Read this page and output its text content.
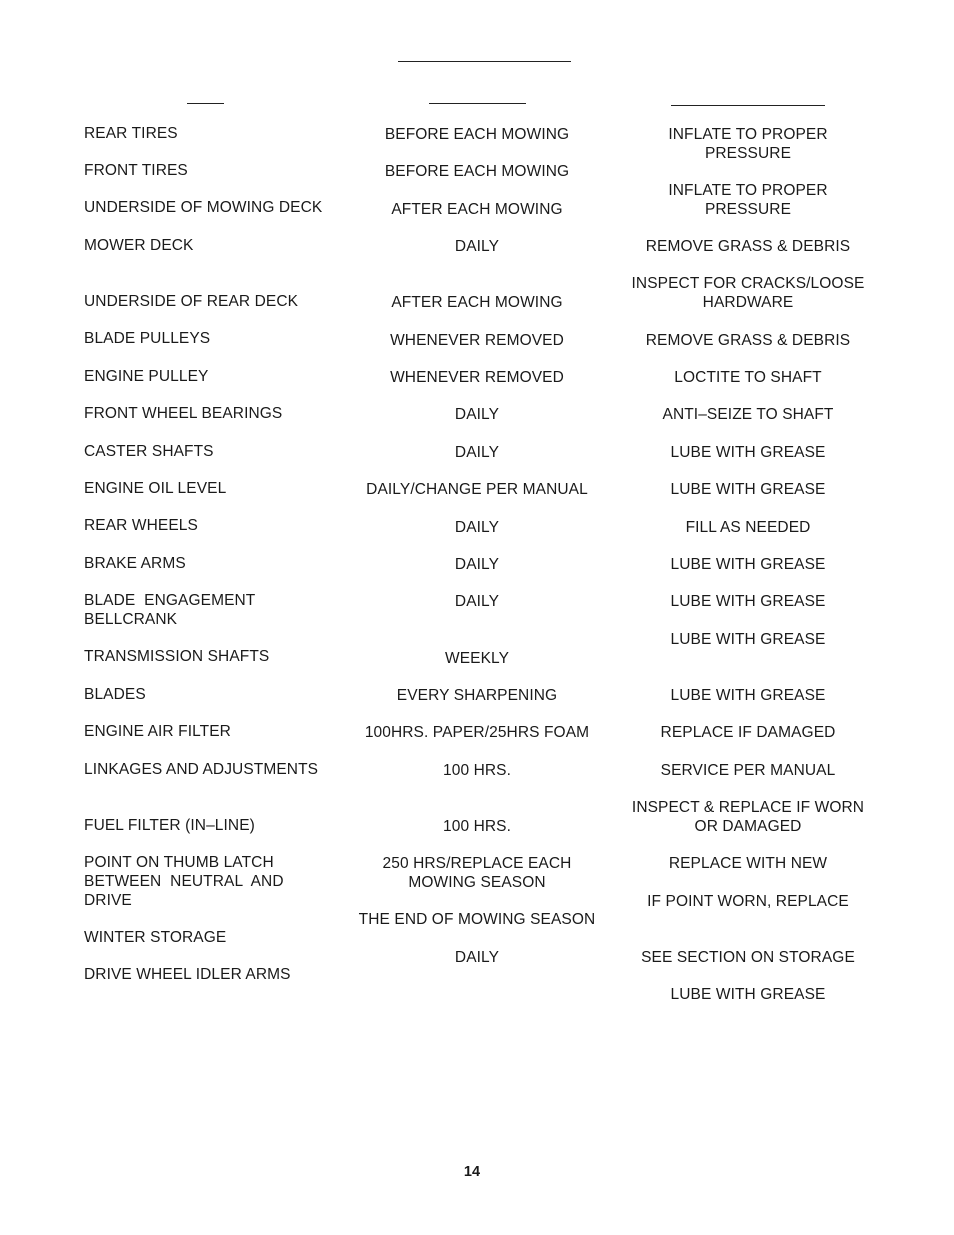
REAR TIRES
FRONT TIRES
UNDERSIDE OF MOWING DECK
MOWER DECK
UNDERSIDE OF REAR DECK
BLADE PULLEYS
ENGINE PULLEY
FRONT WHEEL BEARINGS
CASTER SHAFTS
ENGINE OIL LEVEL
REAR WHEELS
BRAKE ARMS
BLADE  ENGAGEMENT
BELLCRANK
TRANSMISSION SHAFTS
BLADES
ENGINE AIR FILTER
LINKAGES AND ADJUSTMENTS
FUEL FILTER (IN–LINE)
POINT ON THUMB LATCH
BETWEEN  NEUTRAL  AND
DRIVE
WINTER STORAGE
DRIVE WHEEL IDLER ARMS
BEFORE EACH MOWING
BEFORE EACH MOWING
AFTER EACH MOWING
DAILY
AFTER EACH MOWING
WHENEVER REMOVED
WHENEVER REMOVED
DAILY
DAILY
DAILY/CHANGE PER MANUAL
DAILY
DAILY
DAILY
WEEKLY
EVERY SHARPENING
100HRS. PAPER/25HRS FOAM
100 HRS.
100 HRS.
250 HRS/REPLACE EACH
MOWING SEASON
THE END OF MOWING SEASON
DAILY
INFLATE TO PROPER
PRESSURE
INFLATE TO PROPER
PRESSURE
REMOVE GRASS & DEBRIS
INSPECT FOR CRACKS/LOOSE
HARDWARE
REMOVE GRASS & DEBRIS
LOCTITE TO SHAFT
ANTI–SEIZE TO SHAFT
LUBE WITH GREASE
LUBE WITH GREASE
FILL AS NEEDED
LUBE WITH GREASE
LUBE WITH GREASE
LUBE WITH GREASE
LUBE WITH GREASE
REPLACE IF DAMAGED
SERVICE PER MANUAL
INSPECT & REPLACE IF WORN
OR DAMAGED
REPLACE WITH NEW
IF POINT WORN, REPLACE
SEE SECTION ON STORAGE
LUBE WITH GREASE
14
